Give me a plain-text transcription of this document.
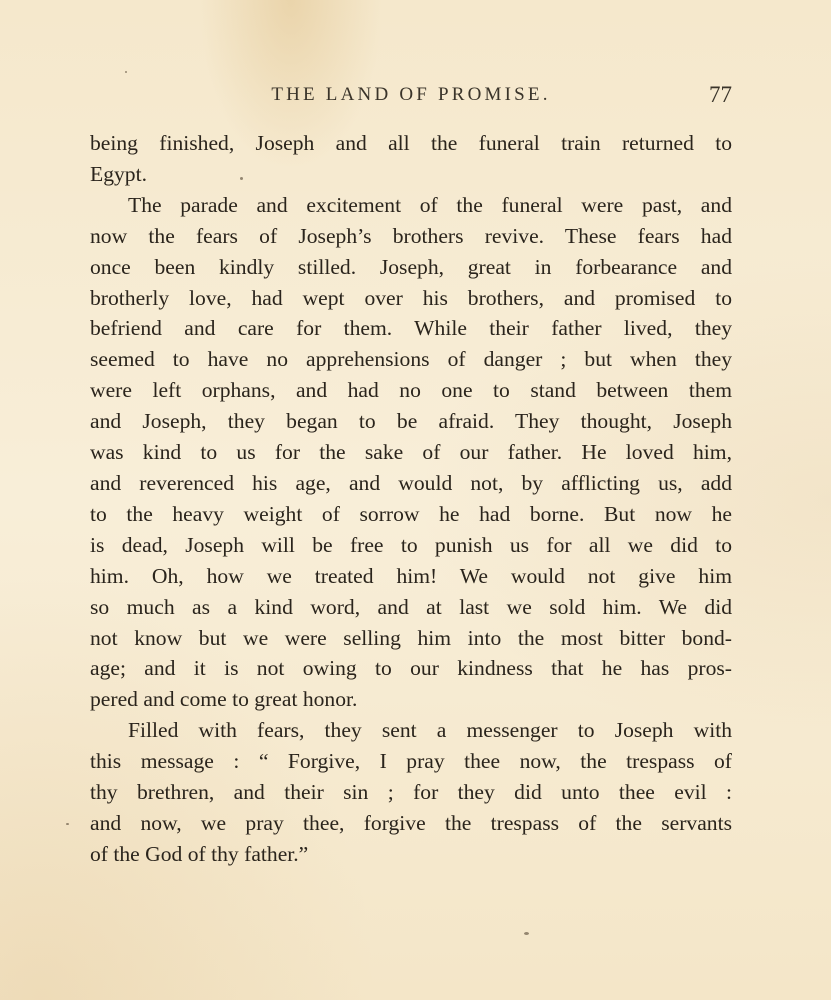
THE LAND OF PROMISE.	77
being finished, Joseph and all the funeral train returned to
Egypt.
The parade and excitement of the funeral were past, and
now the fears of Joseph’s brothers revive. These fears had
once been kindly stilled. Joseph, great in forbearance and
brotherly love, had wept over his brothers, and promised to
befriend and care for them. While their father lived, they
seemed to have no apprehensions of danger ; but when they
were left orphans, and had no one to stand between them
and Joseph, they began to be afraid. They thought, Joseph
was kind to us for the sake of our father. He loved him,
and reverenced his age, and would not, by afflicting us, add
to the heavy weight of sorrow he had borne. But now he
is dead, Joseph will be free to punish us for all we did to
him. Oh, how we treated him! We would not give him
so much as a kind word, and at last we sold him. We did
not know but we were selling him into the most bitter bond-
age; and it is not owing to our kindness that he has pros-
pered and come to great honor.
Filled with fears, they sent a messenger to Joseph with
this message : “ Forgive, I pray thee now, the trespass of
thy brethren, and their sin ; for they did unto thee evil :
and now, we pray thee, forgive the trespass of the servants
of the God of thy father.”
